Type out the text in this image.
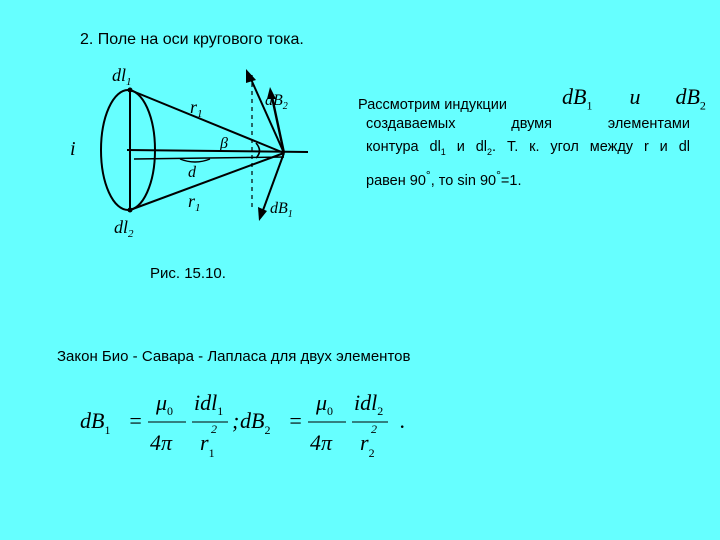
2. Поле на оси кругового тока.
$dl_1$
$dl_2$
i
$r_1$
$r_1$
β
d
$dB_2$
$dB_1$
Рис. 15.10.
Рассмотрим индукции	$dB_1$ и $dB_2$
создаваемых двумя элементами
контура $dl_1$ и $dl_2$. Т. к. угол между r и dl
равен 90°, то sin 90°=1.
Закон Био - Савара - Лапласа для двух элементов
$dB_1$ =
$\mu_0$
4π
idl$_1$
$r_1$
2 ; $dB_2$ =
$\mu_0$
4π
idl$_2$
$r_2$
2 .
